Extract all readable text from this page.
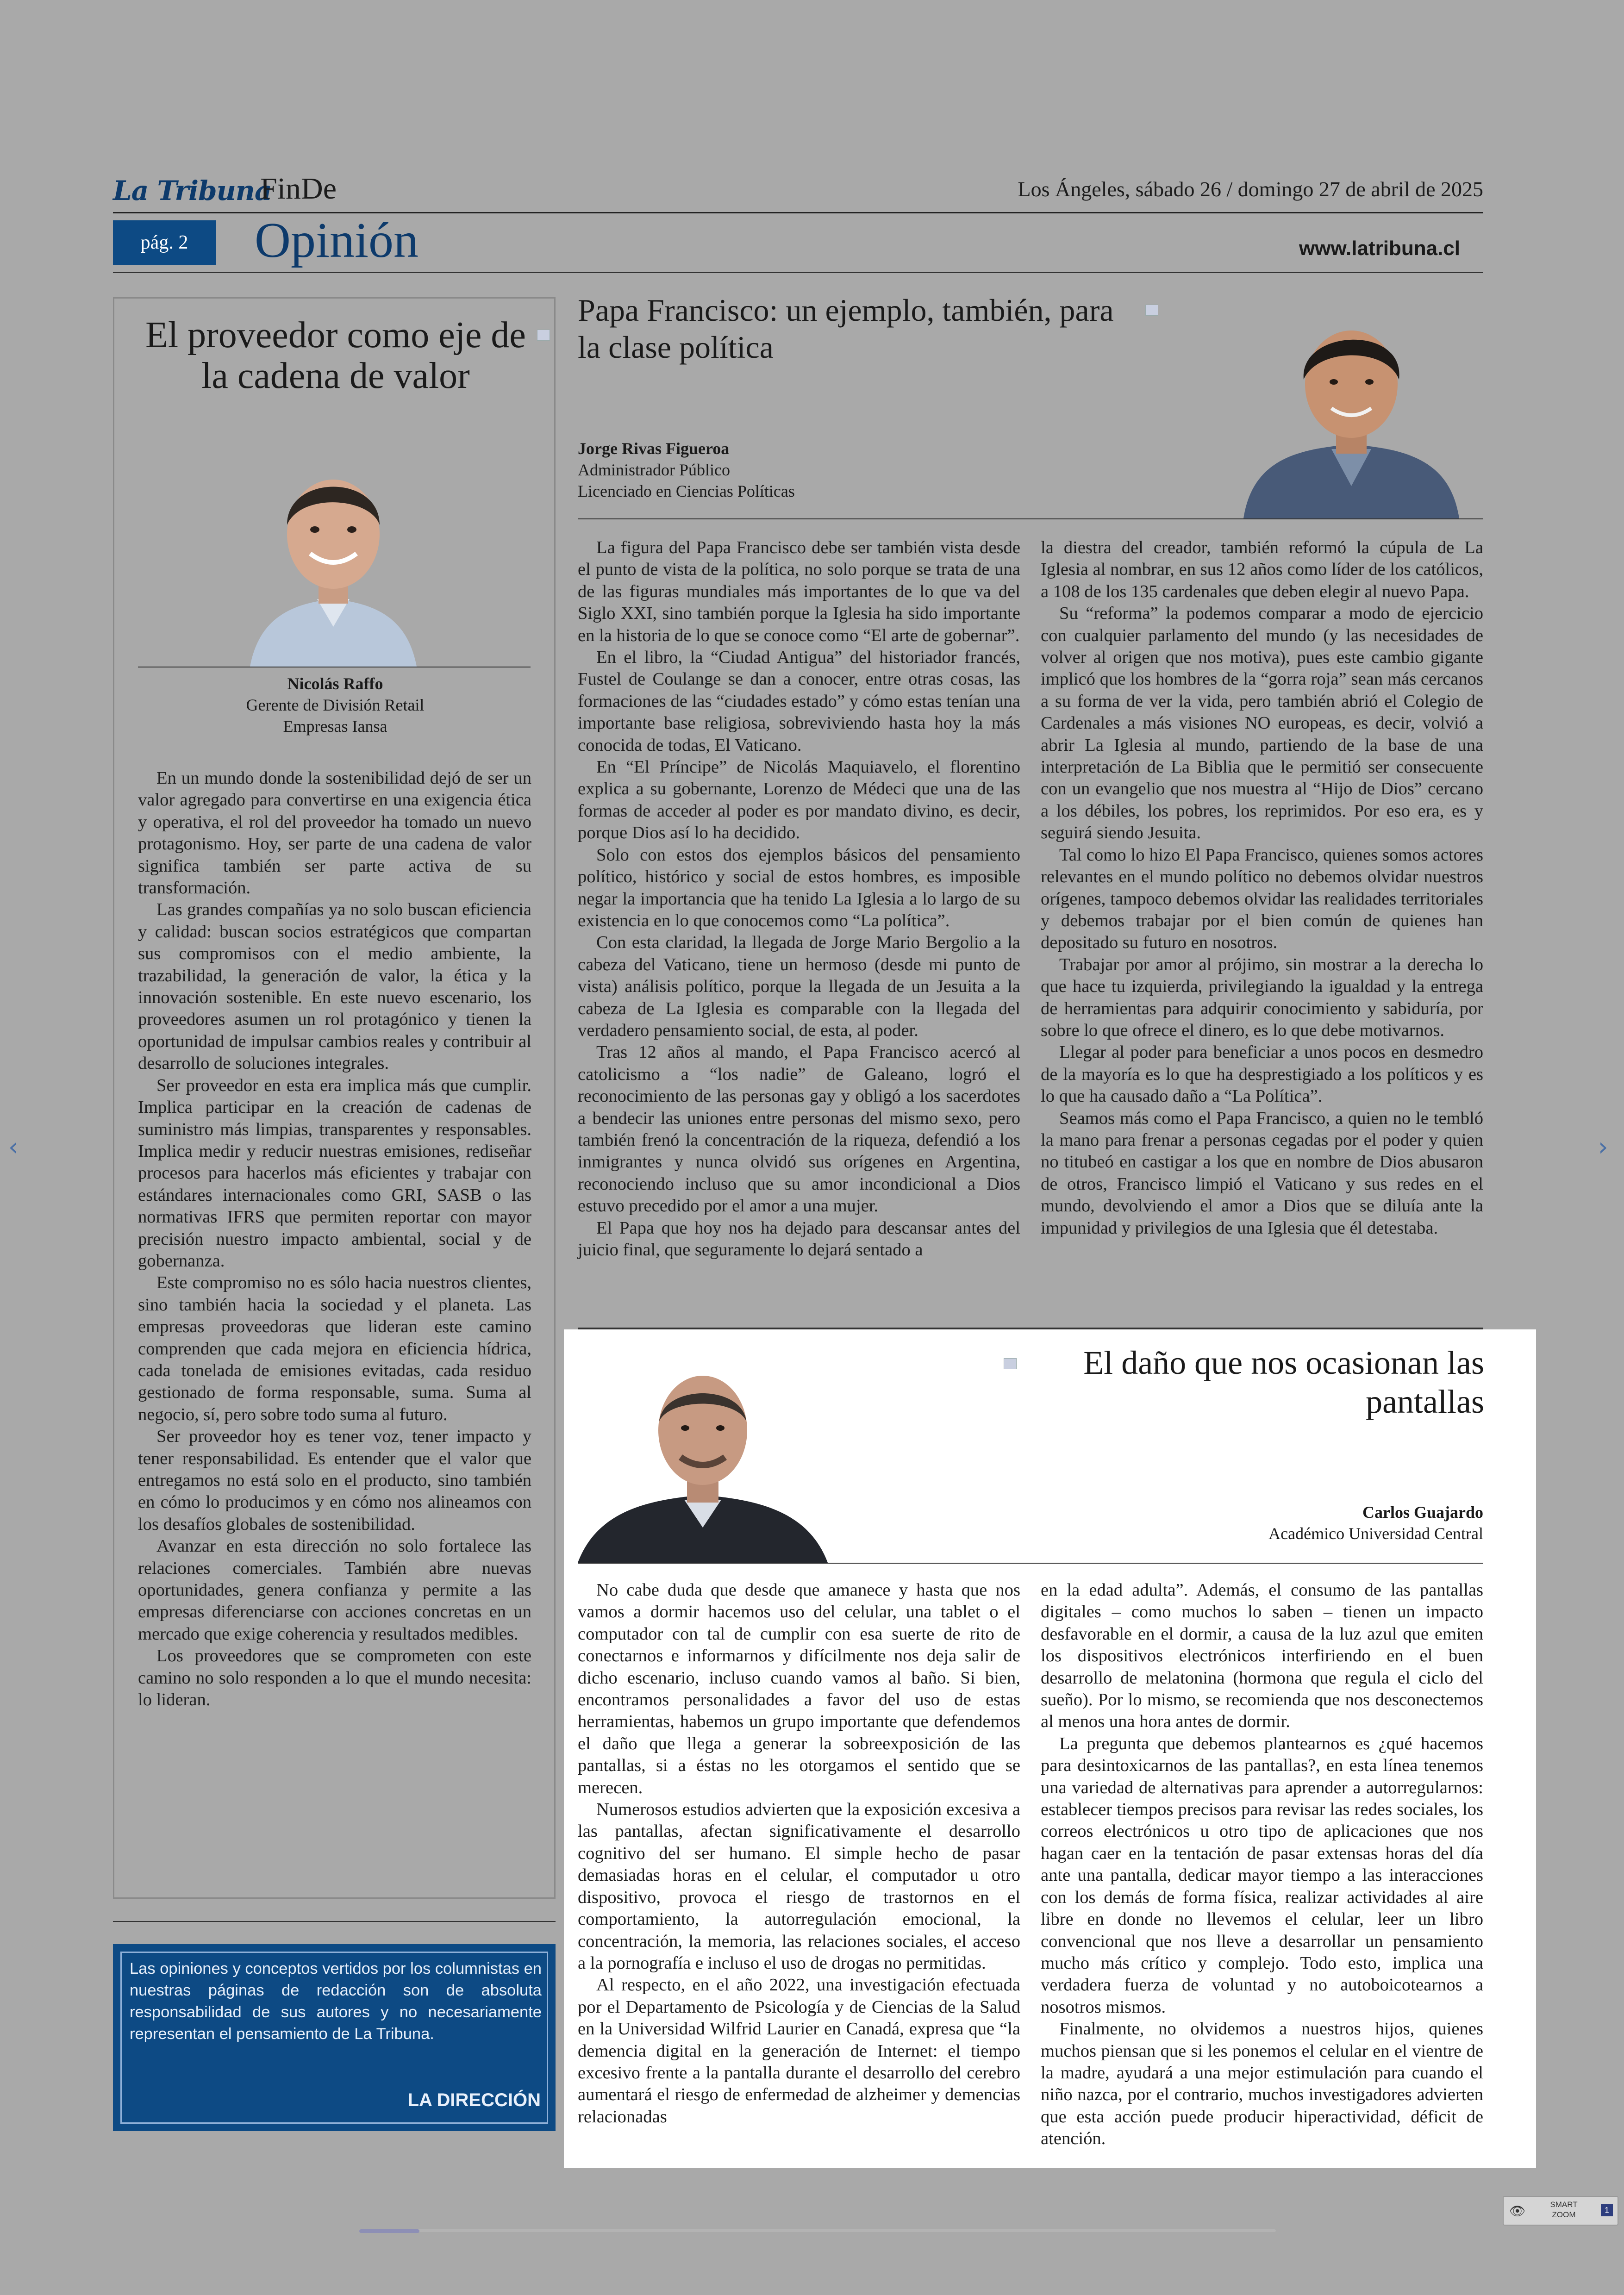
La Tribuna
FinDe	Los Ángeles, sábado 26 / domingo 27 de abril de 2025
pág. 2	Opinión	www.latribuna.cl
El proveedor como eje de la cadena de valor
Nicolás Raffo
Gerente de División Retail
Empresas Iansa

En un mundo donde la sostenibilidad dejó de ser un valor agregado para convertirse en una exigencia ética y operativa, el rol del proveedor ha tomado un nuevo protagonismo. Hoy, ser parte de una cadena de valor significa también ser parte activa de su transformación.

Las grandes compañías ya no solo buscan eficiencia y calidad: buscan socios estratégicos que compartan sus compromisos con el medio ambiente, la trazabilidad, la generación de valor, la ética y la innovación sostenible. En este nuevo escenario, los proveedores asumen un rol protagónico y tienen la oportunidad de impulsar cambios reales y contribuir al desarrollo de soluciones integrales.

Ser proveedor en esta era implica más que cumplir. Implica participar en la creación de cadenas de suministro más limpias, transparentes y responsables. Implica medir y reducir nuestras emisiones, rediseñar procesos para hacerlos más eficientes y trabajar con estándares internacionales como GRI, SASB o las normativas IFRS que permiten reportar con mayor precisión nuestro impacto ambiental, social y de gobernanza.

Este compromiso no es sólo hacia nuestros clientes, sino también hacia la sociedad y el planeta. Las empresas proveedoras que lideran este camino comprenden que cada mejora en eficiencia hídrica, cada tonelada de emisiones evitadas, cada residuo gestionado de forma responsable, suma. Suma al negocio, sí, pero sobre todo suma al futuro.

Ser proveedor hoy es tener voz, tener impacto y tener responsabilidad. Es entender que el valor que entregamos no está solo en el producto, sino también en cómo lo producimos y en cómo nos alineamos con los desafíos globales de sostenibilidad.

Avanzar en esta dirección no solo fortalece las relaciones comerciales. También abre nuevas oportunidades, genera confianza y permite a las empresas diferenciarse con acciones concretas en un mercado que exige coherencia y resultados medibles.

Los proveedores que se comprometen con este camino no solo responden a lo que el mundo necesita: lo lideran.

Las opiniones y conceptos vertidos por los columnistas en nuestras páginas de redacción son de absoluta responsabilidad de sus autores y no necesariamente representan el pensamiento de La Tribuna.
LA DIRECCIÓN
Papa Francisco: un ejemplo, también, para la clase política
Jorge Rivas Figueroa
Administrador Público
Licenciado en Ciencias Políticas

La figura del Papa Francisco debe ser también vista desde el punto de vista de la política, no solo porque se trata de una de las figuras mundiales más importantes de lo que va del Siglo XXI, sino también porque la Iglesia ha sido importante en la historia de lo que se conoce como “El arte de gobernar”.

En el libro, la “Ciudad Antigua” del historiador francés, Fustel de Coulange se dan a conocer, entre otras cosas, las formaciones de las “ciudades estado” y cómo estas tenían una importante base religiosa, sobreviviendo hasta hoy la más conocida de todas, El Vaticano.

En “El Príncipe” de Nicolás Maquiavelo, el florentino explica a su gobernante, Lorenzo de Médeci que una de las formas de acceder al poder es por mandato divino, es decir, porque Dios así lo ha decidido.

Solo con estos dos ejemplos básicos del pensamiento político, histórico y social de estos hombres, es imposible negar la importancia que ha tenido La Iglesia a lo largo de su existencia en lo que conocemos como “La política”.

Con esta claridad, la llegada de Jorge Mario Bergolio a la cabeza del Vaticano, tiene un hermoso (desde mi punto de vista) análisis político, porque la llegada de un Jesuita a la cabeza de La Iglesia es comparable con la llegada del verdadero pensamiento social, de esta, al poder.

Tras 12 años al mando, el Papa Francisco acercó al catolicismo a “los nadie” de Galeano, logró el reconocimiento de las personas gay y obligó a los sacerdotes a bendecir las uniones entre personas del mismo sexo, pero también frenó la concentración de la riqueza, defendió a los inmigrantes y nunca olvidó sus orígenes en Argentina, reconociendo incluso que su amor incondicional a Dios estuvo precedido por el amor a una mujer.

El Papa que hoy nos ha dejado para descansar antes del juicio final, que seguramente lo dejará sentado a

la diestra del creador, también reformó la cúpula de La Iglesia al nombrar, en sus 12 años como líder de los católicos, a 108 de los 135 cardenales que deben elegir al nuevo Papa.

Su “reforma” la podemos comparar a modo de ejercicio con cualquier parlamento del mundo (y las necesidades de volver al origen que nos motiva), pues este cambio gigante implicó que los hombres de la “gorra roja” sean más cercanos a su forma de ver la vida, pero también abrió el Colegio de Cardenales a más visiones NO europeas, es decir, volvió a abrir La Iglesia al mundo, partiendo de la base de una interpretación de La Biblia que le permitió ser consecuente con un evangelio que nos muestra al “Hijo de Dios” cercano a los débiles, los pobres, los reprimidos. Por eso era, es y seguirá siendo Jesuita.

Tal como lo hizo El Papa Francisco, quienes somos actores relevantes en el mundo político no debemos olvidar nuestros orígenes, tampoco debemos olvidar las realidades territoriales y debemos trabajar por el bien común de quienes han depositado su futuro en nosotros.

Trabajar por amor al prójimo, sin mostrar a la derecha lo que hace tu izquierda, privilegiando la igualdad y la entrega de herramientas para adquirir conocimiento y sabiduría, por sobre lo que ofrece el dinero, es lo que debe motivarnos.

Llegar al poder para beneficiar a unos pocos en desmedro de la mayoría es lo que ha desprestigiado a los políticos y es lo que ha causado daño a “La Política”.

Seamos más como el Papa Francisco, a quien no le tembló la mano para frenar a personas cegadas por el poder y quien no titubeó en castigar a los que en nombre de Dios abusaron de otros, Francisco limpió el Vaticano y sus redes en el mundo, devolviendo el amor a Dios que se diluía ante la impunidad y privilegios de una Iglesia que él detestaba.

El daño que nos ocasionan las pantallas
Carlos Guajardo
Académico Universidad Central

No cabe duda que desde que amanece y hasta que nos vamos a dormir hacemos uso del celular, una tablet o el computador con tal de cumplir con esa suerte de rito de conectarnos e informarnos y difícilmente nos deja salir de dicho escenario, incluso cuando vamos al baño. Si bien, encontramos personalidades a favor del uso de estas herramientas, habemos un grupo importante que defendemos el daño que llega a generar la sobreexposición de las pantallas, si a éstas no les otorgamos el sentido que se merecen.

Numerosos estudios advierten que la exposición excesiva a las pantallas, afectan significativamente el desarrollo cognitivo del ser humano. El simple hecho de pasar demasiadas horas en el celular, el computador u otro dispositivo, provoca el riesgo de trastornos en el comportamiento, la autorregulación emocional, la concentración, la memoria, las relaciones sociales, el acceso a la pornografía e incluso el uso de drogas no permitidas.

Al respecto, en el año 2022, una investigación efectuada por el Departamento de Psicología y de Ciencias de la Salud en la Universidad Wilfrid Laurier en Canadá, expresa que “la demencia digital en la generación de Internet: el tiempo excesivo frente a la pantalla durante el desarrollo del cerebro aumentará el riesgo de enfermedad de alzheimer y demencias relacionadas

en la edad adulta”. Además, el consumo de las pantallas digitales – como muchos lo saben – tienen un impacto desfavorable en el dormir, a causa de la luz azul que emiten los dispositivos electrónicos interfiriendo en el buen desarrollo de melatonina (hormona que regula el ciclo del sueño). Por lo mismo, se recomienda que nos desconectemos al menos una hora antes de dormir.

La pregunta que debemos plantearnos es ¿qué hacemos para desintoxicarnos de las pantallas?, en esta línea tenemos una variedad de alternativas para aprender a autorregularnos: establecer tiempos precisos para revisar las redes sociales, los correos electrónicos u otro tipo de aplicaciones que nos hagan caer en la tentación de pasar extensas horas del día ante una pantalla, dedicar mayor tiempo a las interacciones con los demás de forma física, realizar actividades al aire libre en donde no llevemos el celular, leer un libro convencional que nos lleve a desarrollar un pensamiento mucho más crítico y complejo. Todo esto, implica una verdadera fuerza de voluntad y no autoboicotearnos a nosotros mismos.

Finalmente, no olvidemos a nuestros hijos, quienes muchos piensan que si les ponemos el celular en el vientre de la madre, ayudará a una mejor estimulación para cuando el niño nazca, por el contrario, muchos investigadores advierten que esta acción puede producir hiperactividad, déficit de atención.

‹	›
👁	SMART ZOOM	1
